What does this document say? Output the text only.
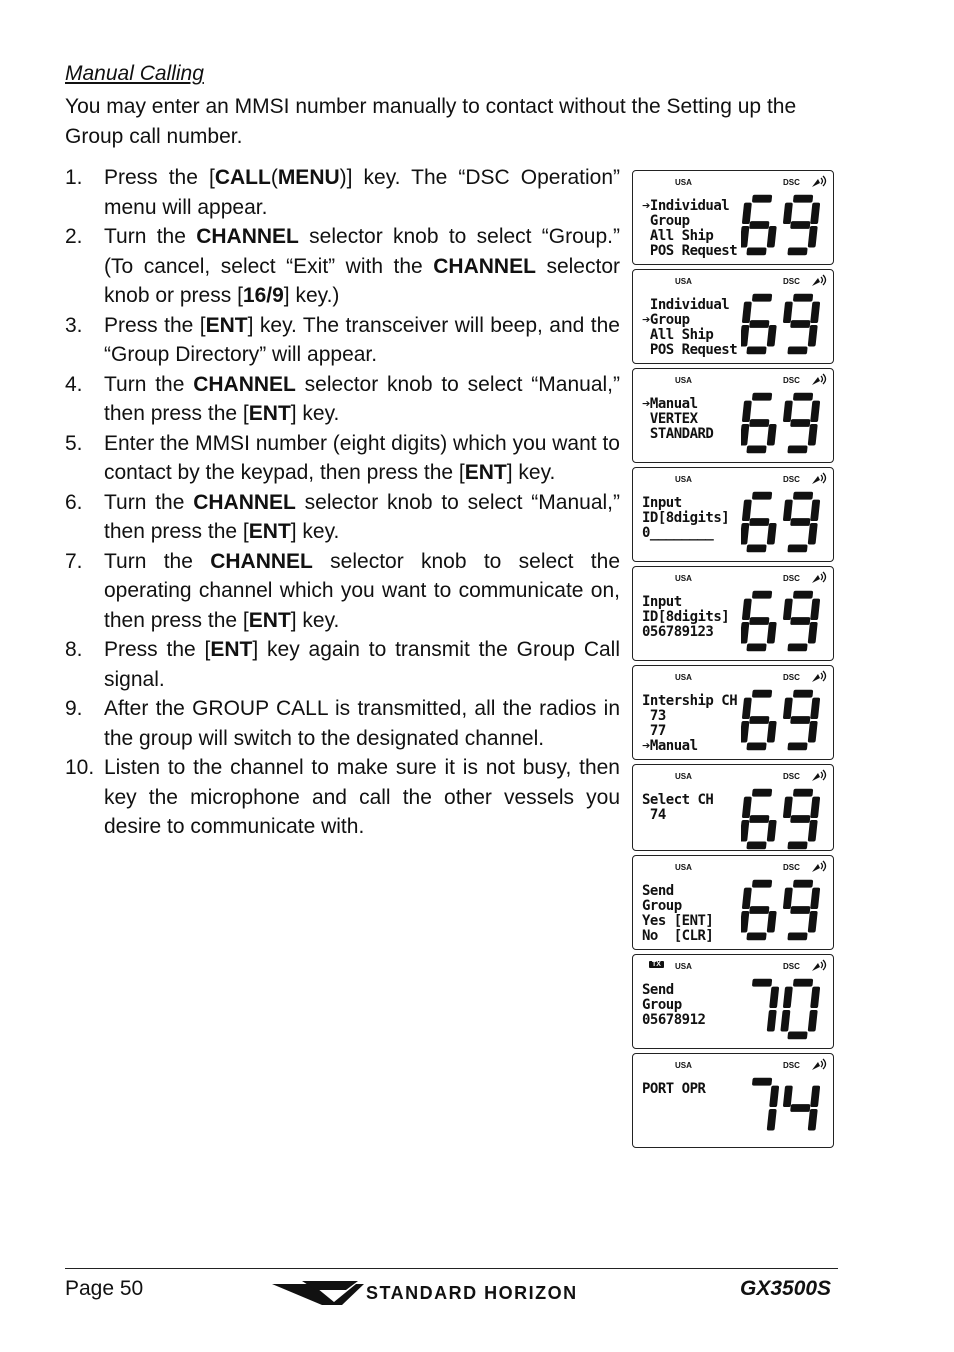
Manual Calling
You may enter an MMSI number manually to contact without the Setting up the Group call number.
1. Press the [CALL(MENU)] key. The “DSC Operation” menu will appear.
2. Turn the CHANNEL selector knob to select “Group.” (To cancel, select “Exit” with the CHANNEL selector knob or press [16/9] key.)
3. Press the [ENT] key. The transceiver will beep, and the “Group Directory” will appear.
4. Turn the CHANNEL selector knob to select “Manual,” then press the [ENT] key.
5. Enter the MMSI number (eight digits) which you want to contact by the keypad, then press the [ENT] key.
6. Turn the CHANNEL selector knob to select “Manual,” then press the [ENT] key.
7. Turn the CHANNEL selector knob to select the operating channel which you want to communicate on, then press the [ENT] key.
8. Press the [ENT] key again to transmit the Group Call signal.
9. After the GROUP CALL is transmitted, all the radios in the group will switch to the designated channel.
10. Listen to the channel to make sure it is not busy, then key the microphone and call the other vessels you desire to communicate with.
USA	DSC
➔Individual
Group
All Ship
POS Request
USA	DSC
Individual
➔Group
All Ship
POS Request
USA	DSC
➔Manual
VERTEX
STANDARD
USA	DSC
Input
ID[8digits]
0________
USA	DSC
Input
ID[8digits]
056789123
USA	DSC
Intership CH
73
77
➔Manual
USA	DSC
Select CH
74
USA	DSC
Send
Group
Yes [ENT]
No  [CLR]
TX	USA	DSC
Send
Group
05678912
USA	DSC
PORT OPR
Page 50	STANDARD HORIZON	GX3500S
